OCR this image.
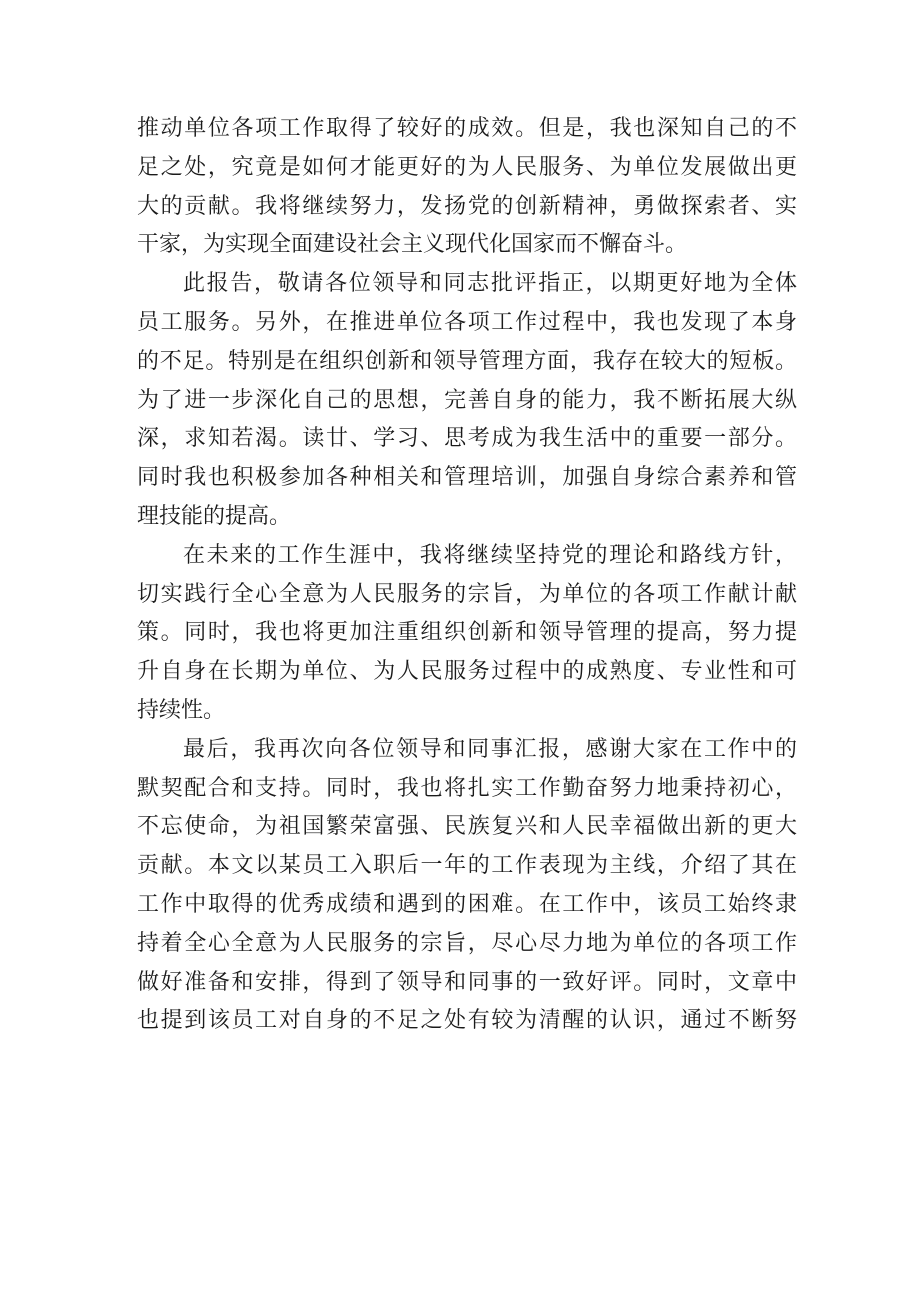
推动单位各项工作取得了较好的成效。但是，我也深知自己的不
足之处，究竟是如何才能更好的为人民服务、为单位发展做出更
大的贡献。我将继续努力，发扬党的创新精神，勇做探索者、实
干家，为实现全面建设社会主义现代化国家而不懈奋斗。
此报告，敬请各位领导和同志批评指正，以期更好地为全体
员工服务。另外，在推进单位各项工作过程中，我也发现了本身
的不足。特别是在组织创新和领导管理方面，我存在较大的短板。
为了进一步深化自己的思想，完善自身的能力，我不断拓展大纵
深，求知若渴。读廿、学习、思考成为我生活中的重要一部分。
同时我也积极参加各种相关和管理培训，加强自身综合素养和管
理技能的提高。
在未来的工作生涯中，我将继续坚持党的理论和路线方针，
切实践行全心全意为人民服务的宗旨，为单位的各项工作献计献
策。同时，我也将更加注重组织创新和领导管理的提高，努力提
升自身在长期为单位、为人民服务过程中的成熟度、专业性和可
持续性。
最后，我再次向各位领导和同事汇报，感谢大家在工作中的
默契配合和支持。同时，我也将扎实工作勤奋努力地秉持初心，
不忘使命，为祖国繁荣富强、民族复兴和人民幸福做出新的更大
贡献。本文以某员工入职后一年的工作表现为主线，介绍了其在
工作中取得的优秀成绩和遇到的困难。在工作中，该员工始终隶
持着全心全意为人民服务的宗旨，尽心尽力地为单位的各项工作
做好准备和安排，得到了领导和同事的一致好评。同时，文章中
也提到该员工对自身的不足之处有较为清醒的认识，通过不断努
